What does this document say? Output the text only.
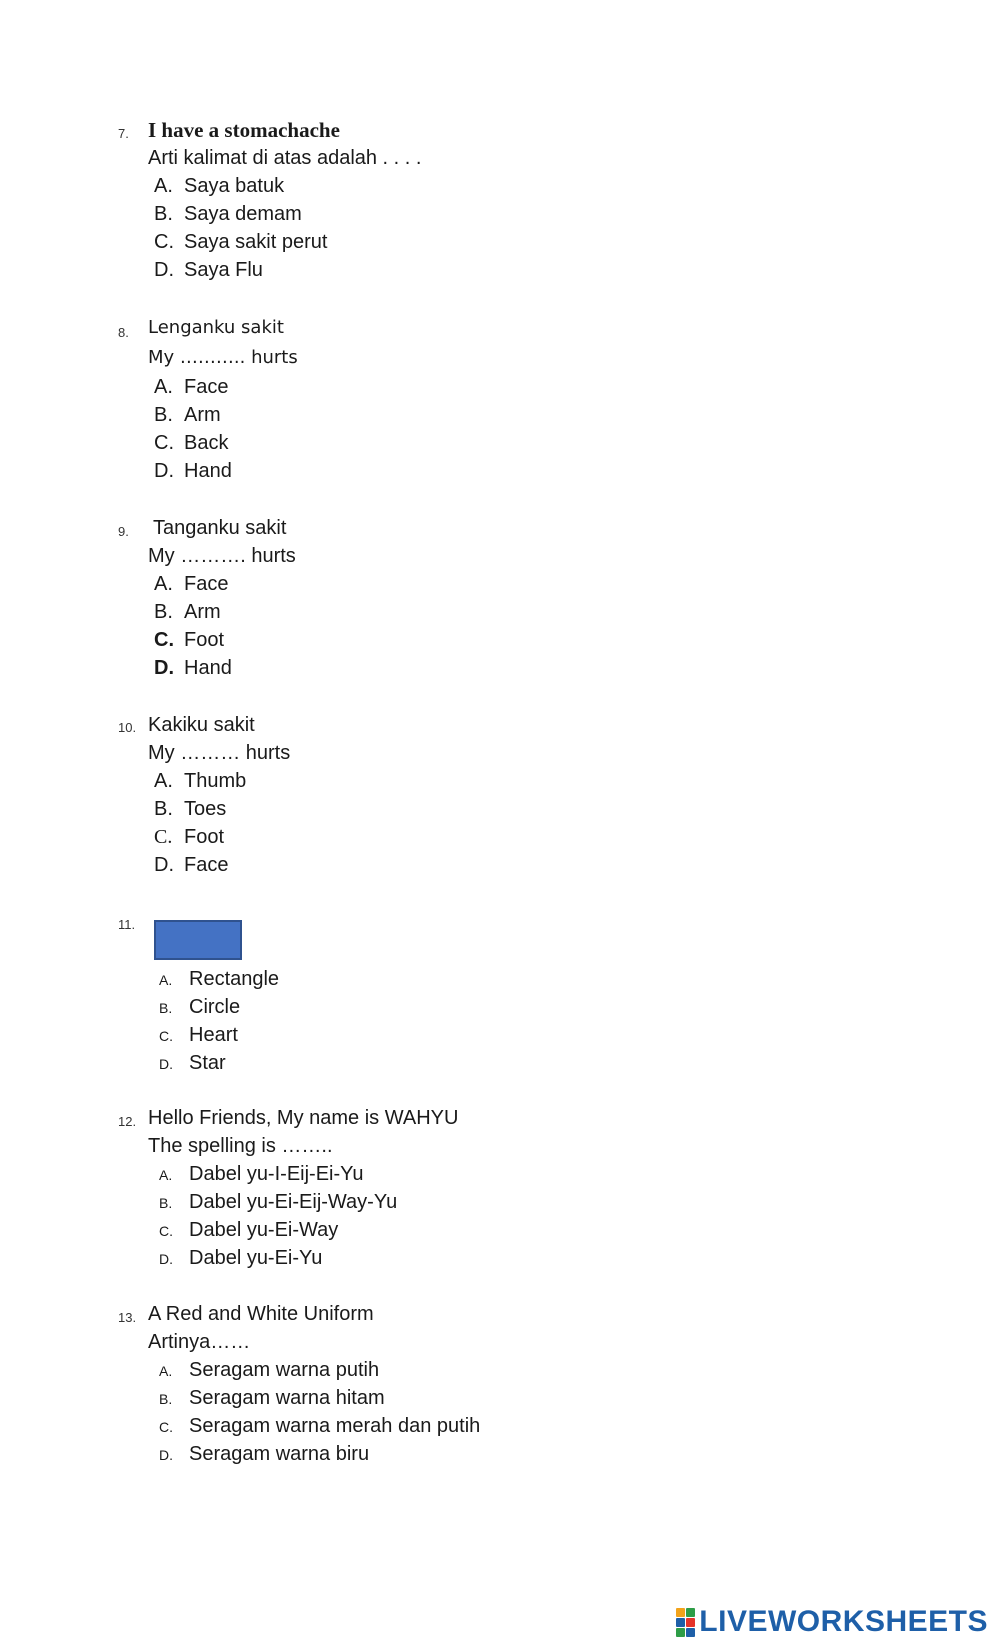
7. I have a stomachache
Arti kalimat di atas adalah . . . .
A. Saya batuk
B. Saya demam
C. Saya sakit perut
D. Saya Flu
8. Lenganku sakit
My ……….. hurts
A. Face
B. Arm
C. Back
D. Hand
9. Tanganku sakit
My ………. hurts
A. Face
B. Arm
C. Foot
D. Hand
10. Kakiku sakit
My ……… hurts
A. Thumb
B. Toes
C. Foot
D. Face
11.
A. Rectangle
B. Circle
C. Heart
D. Star
12. Hello Friends, My name is WAHYU
The spelling is ……..
A. Dabel yu-I-Eij-Ei-Yu
B. Dabel yu-Ei-Eij-Way-Yu
C. Dabel yu-Ei-Way
D. Dabel yu-Ei-Yu
13. A Red and White Uniform
Artinya……
A. Seragam warna putih
B. Seragam warna hitam
C. Seragam warna merah dan putih
D. Seragam warna biru
LIVEWORKSHEETS
